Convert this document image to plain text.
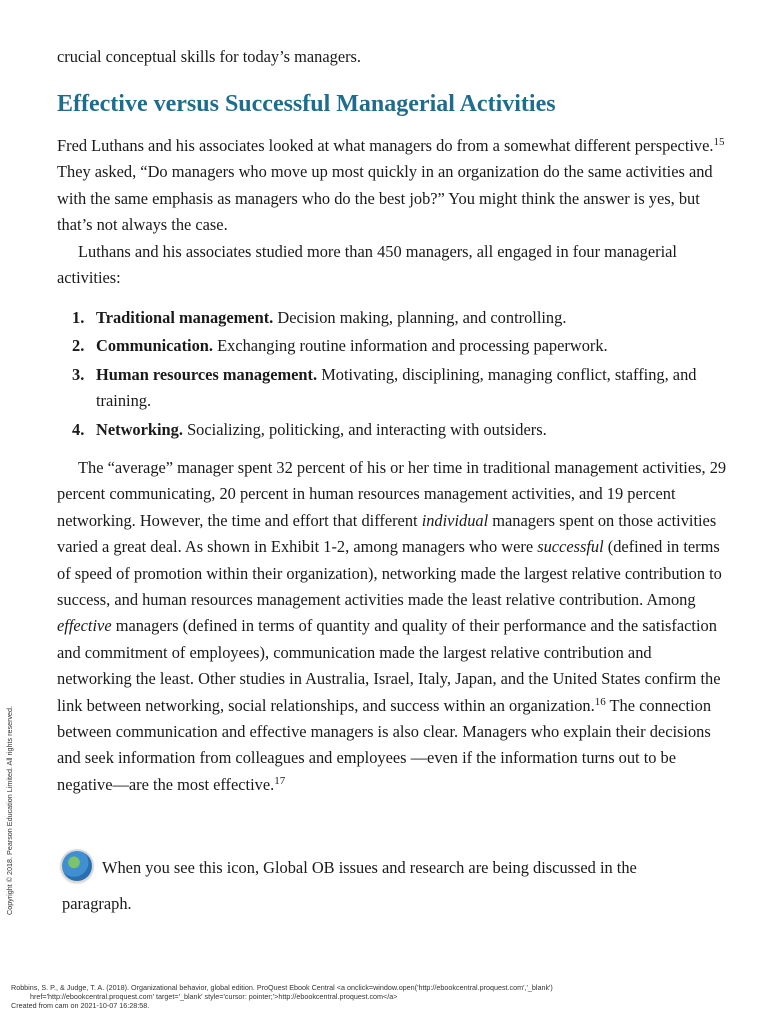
crucial conceptual skills for today’s managers.

Effective versus Successful Managerial Activities

Fred Luthans and his associates looked at what managers do from a somewhat different perspective.$^{15}$ They asked, “Do managers who move up most quickly in an organization do the same activities and with the same emphasis as managers who do the best job?” You might think the answer is yes, but that’s not always the case.

Luthans and his associates studied more than 450 managers, all engaged in four managerial activities:

1. Traditional management. Decision making, planning, and controlling.
2. Communication. Exchanging routine information and processing paperwork.
3. Human resources management. Motivating, disciplining, managing conflict, staffing, and training.
4. Networking. Socializing, politicking, and interacting with outsiders.

The “average” manager spent 32 percent of his or her time in traditional management activities, 29 percent communicating, 20 percent in human resources management activities, and 19 percent networking. However, the time and effort that different individual managers spent on those activities varied a great deal. As shown in Exhibit 1-2, among managers who were successful (defined in terms of speed of promotion within their organization), networking made the largest relative contribution to success, and human resources management activities made the least relative contribution. Among effective managers (defined in terms of quantity and quality of their performance and the satisfaction and commitment of employees), communication made the largest relative contribution and networking the least. Other studies in Australia, Israel, Italy, Japan, and the United States confirm the link between networking, social relationships, and success within an organization.$^{16}$ The connection between communication and effective managers is also clear. Managers who explain their decisions and seek information from colleagues and employees —even if the information turns out to be negative—are the most effective.$^{17}$

When you see this icon, Global OB issues and research are being discussed in the
paragraph.
Copyright © 2018. Pearson Education Limited. All rights reserved.
Robbins, S. P., & Judge, T. A. (2018). Organizational behavior, global edition. ProQuest Ebook Central <a onclick=window.open('http://ebookcentral.proquest.com','_blank')
href='http://ebookcentral.proquest.com' target='_blank' style='cursor: pointer;'>http://ebookcentral.proquest.com</a>
Created from cam on 2021-10-07 16:28:58.
